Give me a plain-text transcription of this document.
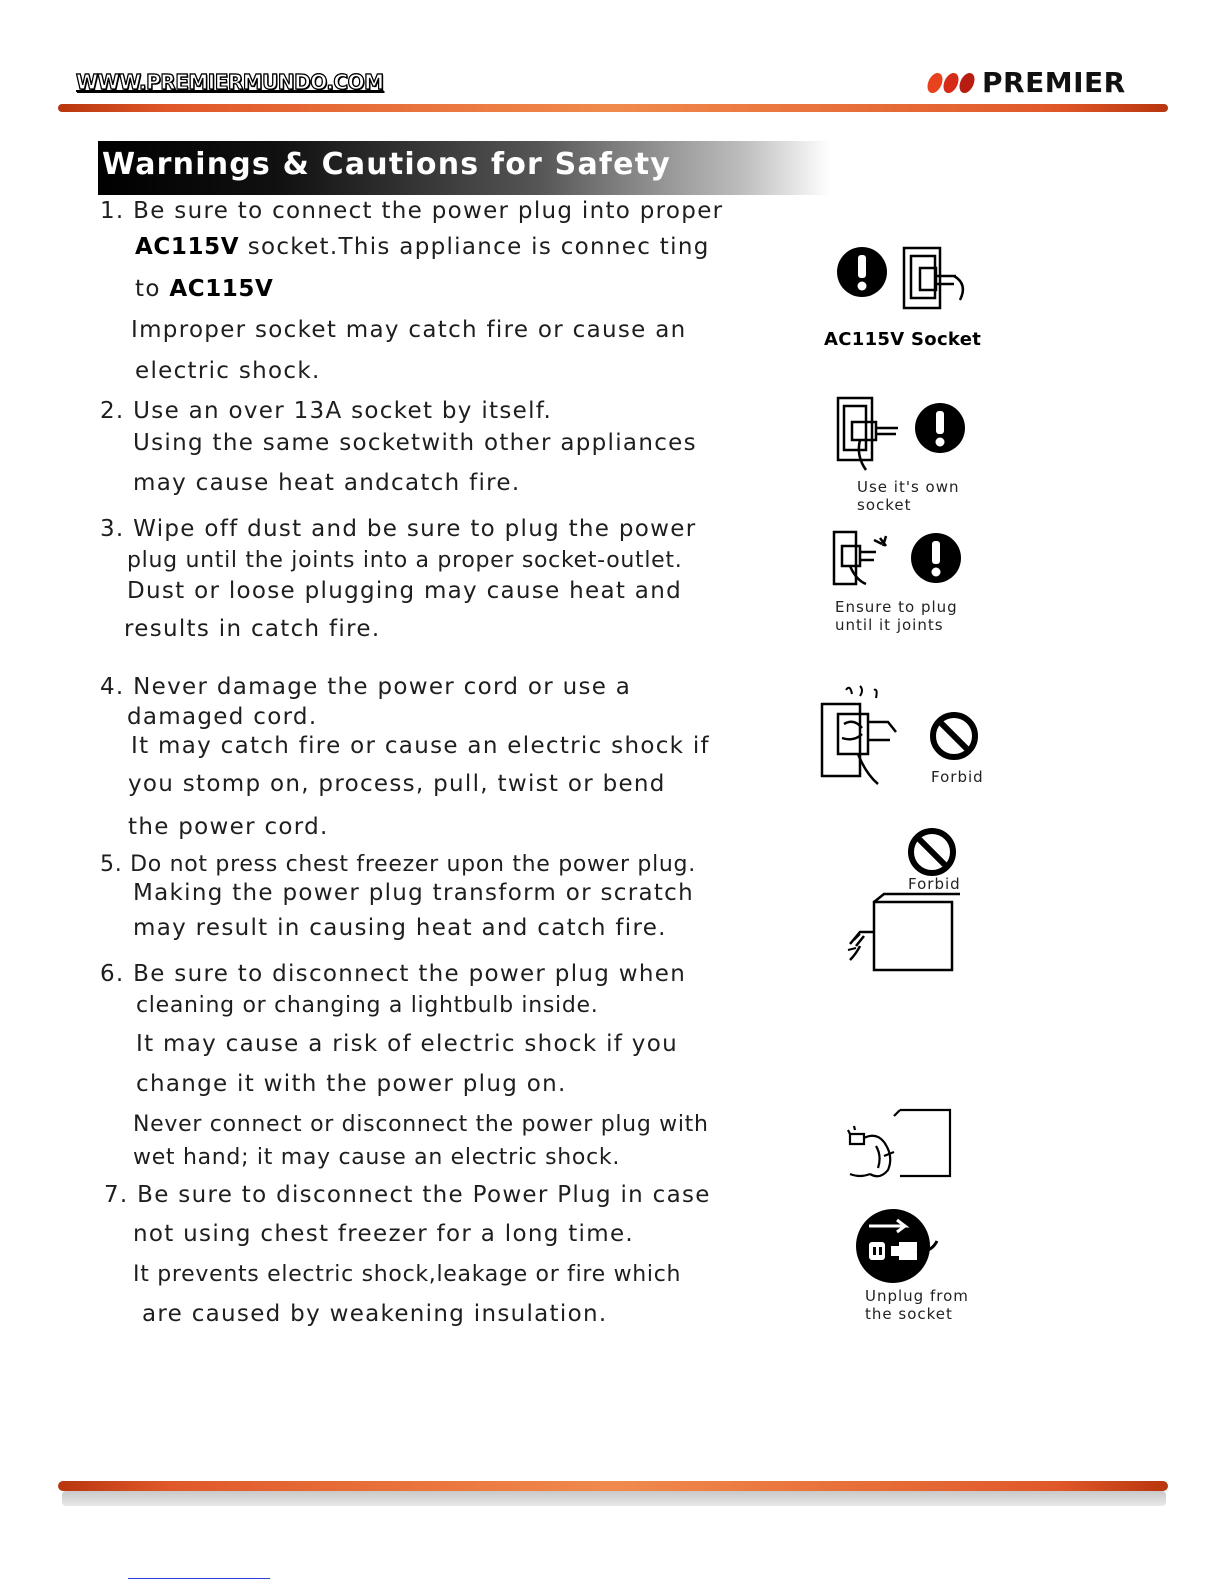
WWW.PREMIERMUNDO.COM	PREMIER
Warnings & Cautions for Safety
1. Be sure to connect the power plug into proper
AC115V socket.This appliance is connec ting
to AC115V
Improper socket may catch fire or cause an
electric shock.
2. Use an over 13A socket by itself.
Using the same socketwith other appliances
may cause heat andcatch fire.
3. Wipe off dust and be sure to plug the power
plug until the joints into a proper socket-outlet.
Dust or loose plugging may cause heat and
results in catch fire.
4. Never damage the power cord or use a
damaged cord.
It may catch fire or cause an electric shock if
you stomp on, process, pull, twist or bend
the power cord.
5. Do not press chest freezer upon the power plug.
Making the power plug transform or scratch
may result in causing heat and catch fire.
6. Be sure to disconnect the power plug when
cleaning or changing a lightbulb inside.
It may cause a risk of electric shock if you
change it with the power plug on.
Never connect or disconnect the power plug with
wet hand; it may cause an electric shock.
7. Be sure to disconnect the Power Plug in case
not using chest freezer for a long time.
It prevents electric shock,leakage or fire which
are caused by weakening insulation.
AC115V Socket
Use it's own
socket
Ensure to plug
until it joints
Forbid
Forbid
Unplug from
the socket
